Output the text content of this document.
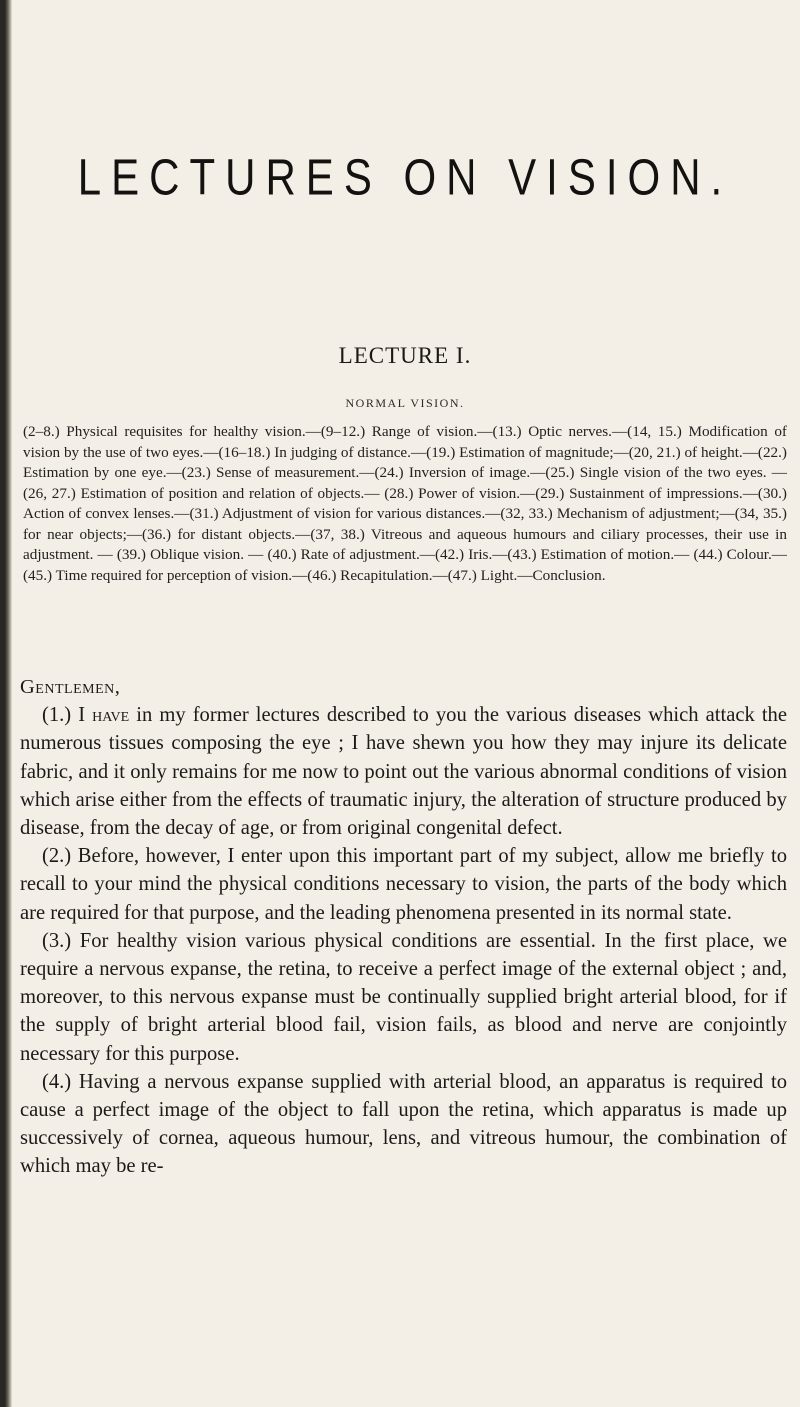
LECTURES ON VISION.
LECTURE I.
NORMAL VISION.

(2–8.) Physical requisites for healthy vision.—(9–12.) Range of vision.—(13.) Optic nerves.—(14, 15.) Modification of vision by the use of two eyes.—(16–18.) In judging of distance.—(19.) Estimation of magnitude;—(20, 21.) of height.—(22.) Estimation by one eye.—(23.) Sense of measurement.—(24.) Inversion of image.—(25.) Single vision of the two eyes. — (26, 27.) Estimation of position and relation of objects.— (28.) Power of vision.—(29.) Sustainment of impressions.—(30.) Action of convex lenses.—(31.) Adjustment of vision for various distances.—(32, 33.) Mechanism of adjustment;—(34, 35.) for near objects;—(36.) for distant objects.—(37, 38.) Vitreous and aqueous humours and ciliary processes, their use in adjustment. — (39.) Oblique vision. — (40.) Rate of adjustment.—(42.) Iris.—(43.) Estimation of motion.— (44.) Colour.—(45.) Time required for perception of vision.—(46.) Recapitulation.—(47.) Light.—Conclusion.

Gentlemen,

(1.) I have in my former lectures described to you the various diseases which attack the numerous tissues composing the eye ; I have shewn you how they may injure its delicate fabric, and it only remains for me now to point out the various abnormal conditions of vision which arise either from the effects of traumatic injury, the alteration of structure produced by disease, from the decay of age, or from original congenital defect.

(2.) Before, however, I enter upon this important part of my subject, allow me briefly to recall to your mind the physical conditions necessary to vision, the parts of the body which are required for that purpose, and the leading phenomena presented in its normal state.

(3.) For healthy vision various physical conditions are essential. In the first place, we require a nervous expanse, the retina, to receive a perfect image of the external object ; and, moreover, to this nervous expanse must be continually supplied bright arterial blood, for if the supply of bright arterial blood fail, vision fails, as blood and nerve are conjointly necessary for this purpose.

(4.) Having a nervous expanse supplied with arterial blood, an apparatus is required to cause a perfect image of the object to fall upon the retina, which apparatus is made up successively of cornea, aqueous humour, lens, and vitreous humour, the combination of which may be re-
